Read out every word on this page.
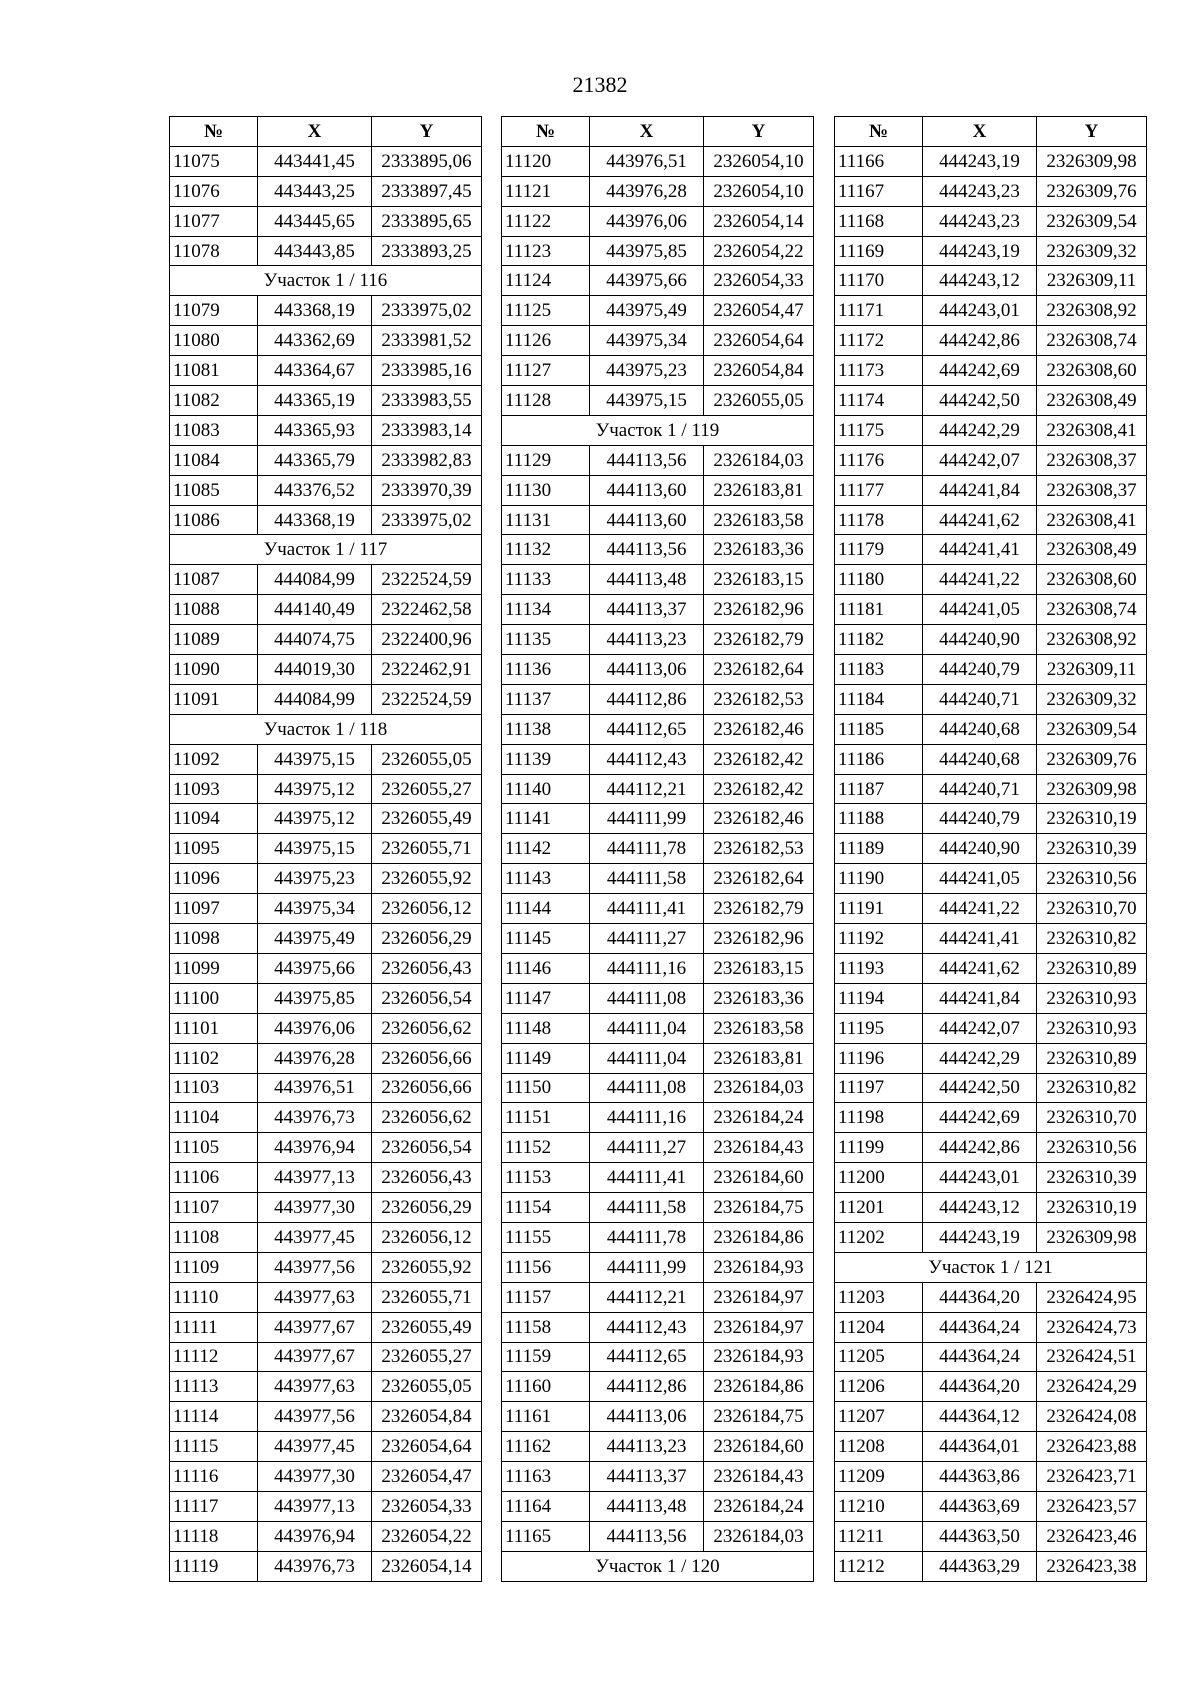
21382
№	X	Y
11075	443441,45	2333895,06
11076	443443,25	2333897,45
11077	443445,65	2333895,65
11078	443443,85	2333893,25
Участок 1 / 116		
11079	443368,19	2333975,02
11080	443362,69	2333981,52
11081	443364,67	2333985,16
11082	443365,19	2333983,55
11083	443365,93	2333983,14
11084	443365,79	2333982,83
11085	443376,52	2333970,39
11086	443368,19	2333975,02
Участок 1 / 117		
11087	444084,99	2322524,59
11088	444140,49	2322462,58
11089	444074,75	2322400,96
11090	444019,30	2322462,91
11091	444084,99	2322524,59
Участок 1 / 118		
11092	443975,15	2326055,05
11093	443975,12	2326055,27
11094	443975,12	2326055,49
11095	443975,15	2326055,71
11096	443975,23	2326055,92
11097	443975,34	2326056,12
11098	443975,49	2326056,29
11099	443975,66	2326056,43
11100	443975,85	2326056,54
11101	443976,06	2326056,62
11102	443976,28	2326056,66
11103	443976,51	2326056,66
11104	443976,73	2326056,62
11105	443976,94	2326056,54
11106	443977,13	2326056,43
11107	443977,30	2326056,29
11108	443977,45	2326056,12
11109	443977,56	2326055,92
11110	443977,63	2326055,71
11111	443977,67	2326055,49
11112	443977,67	2326055,27
11113	443977,63	2326055,05
11114	443977,56	2326054,84
11115	443977,45	2326054,64
11116	443977,30	2326054,47
11117	443977,13	2326054,33
11118	443976,94	2326054,22
11119	443976,73	2326054,14
№	X	Y
11120	443976,51	2326054,10
11121	443976,28	2326054,10
11122	443976,06	2326054,14
11123	443975,85	2326054,22
11124	443975,66	2326054,33
11125	443975,49	2326054,47
11126	443975,34	2326054,64
11127	443975,23	2326054,84
11128	443975,15	2326055,05
Участок 1 / 119		
11129	444113,56	2326184,03
11130	444113,60	2326183,81
11131	444113,60	2326183,58
11132	444113,56	2326183,36
11133	444113,48	2326183,15
11134	444113,37	2326182,96
11135	444113,23	2326182,79
11136	444113,06	2326182,64
11137	444112,86	2326182,53
11138	444112,65	2326182,46
11139	444112,43	2326182,42
11140	444112,21	2326182,42
11141	444111,99	2326182,46
11142	444111,78	2326182,53
11143	444111,58	2326182,64
11144	444111,41	2326182,79
11145	444111,27	2326182,96
11146	444111,16	2326183,15
11147	444111,08	2326183,36
11148	444111,04	2326183,58
11149	444111,04	2326183,81
11150	444111,08	2326184,03
11151	444111,16	2326184,24
11152	444111,27	2326184,43
11153	444111,41	2326184,60
11154	444111,58	2326184,75
11155	444111,78	2326184,86
11156	444111,99	2326184,93
11157	444112,21	2326184,97
11158	444112,43	2326184,97
11159	444112,65	2326184,93
11160	444112,86	2326184,86
11161	444113,06	2326184,75
11162	444113,23	2326184,60
11163	444113,37	2326184,43
11164	444113,48	2326184,24
11165	444113,56	2326184,03
Участок 1 / 120		
№	X	Y
11166	444243,19	2326309,98
11167	444243,23	2326309,76
11168	444243,23	2326309,54
11169	444243,19	2326309,32
11170	444243,12	2326309,11
11171	444243,01	2326308,92
11172	444242,86	2326308,74
11173	444242,69	2326308,60
11174	444242,50	2326308,49
11175	444242,29	2326308,41
11176	444242,07	2326308,37
11177	444241,84	2326308,37
11178	444241,62	2326308,41
11179	444241,41	2326308,49
11180	444241,22	2326308,60
11181	444241,05	2326308,74
11182	444240,90	2326308,92
11183	444240,79	2326309,11
11184	444240,71	2326309,32
11185	444240,68	2326309,54
11186	444240,68	2326309,76
11187	444240,71	2326309,98
11188	444240,79	2326310,19
11189	444240,90	2326310,39
11190	444241,05	2326310,56
11191	444241,22	2326310,70
11192	444241,41	2326310,82
11193	444241,62	2326310,89
11194	444241,84	2326310,93
11195	444242,07	2326310,93
11196	444242,29	2326310,89
11197	444242,50	2326310,82
11198	444242,69	2326310,70
11199	444242,86	2326310,56
11200	444243,01	2326310,39
11201	444243,12	2326310,19
11202	444243,19	2326309,98
Участок 1 / 121		
11203	444364,20	2326424,95
11204	444364,24	2326424,73
11205	444364,24	2326424,51
11206	444364,20	2326424,29
11207	444364,12	2326424,08
11208	444364,01	2326423,88
11209	444363,86	2326423,71
11210	444363,69	2326423,57
11211	444363,50	2326423,46
11212	444363,29	2326423,38
